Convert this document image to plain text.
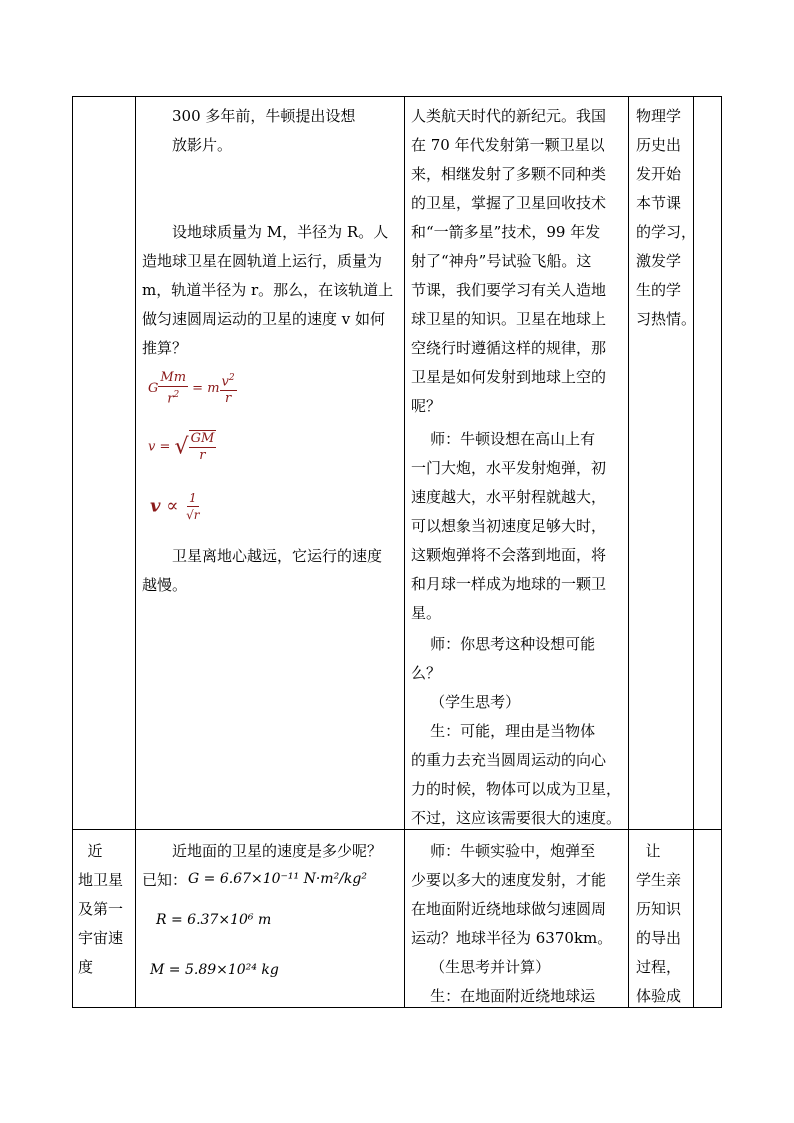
300 多年前，牛顿提出设想
放影片。
设地球质量为 M，半径为 R。人
造地球卫星在圆轨道上运行，质量为
m，轨道半径为 r。那么，在该轨道上
做匀速圆周运动的卫星的速度 v 如何
推算？
G $\frac{Mm}{r^2} = m \frac{v^2}{r}$
v = √ $\frac{GM}{r}$
$v \propto \frac{1}{√r}$
卫星离地心越远，它运行的速度
越慢。
人类航天时代的新纪元。我国
在 70 年代发射第一颗卫星以
来，相继发射了多颗不同种类
的卫星，掌握了卫星回收技术
和“一箭多星”技术，99 年发
射了“神舟”号试验飞船。这
节课，我们要学习有关人造地
球卫星的知识。卫星在地球上
空绕行时遵循这样的规律，那
卫星是如何发射到地球上空的
呢？
师：牛顿设想在高山上有
一门大炮，水平发射炮弹，初
速度越大，水平射程就越大，
可以想象当初速度足够大时，
这颗炮弹将不会落到地面，将
和月球一样成为地球的一颗卫
星。
师：你思考这种设想可能
么？
（学生思考）
生：可能，理由是当物体
的重力去充当圆周运动的向心
力的时候，物体可以成为卫星，
不过，这应该需要很大的速度。
物理学
历史出
发开始
本节课
的学习，
激发学
生的学
习热情。
近
地卫星
及第一
宇宙速
度
近地面的卫星的速度是多少呢？
已知： G = 6.67×10⁻¹¹ N·m²/kg²
R = 6.37×10⁶ m
M = 5.89×10²⁴ kg
师：牛顿实验中，炮弹至
少要以多大的速度发射，才能
在地面附近绕地球做匀速圆周
运动？地球半径为 6370km。
（生思考并计算）
生：在地面附近绕地球运
让
学生亲
历知识
的导出
过程，
体验成
